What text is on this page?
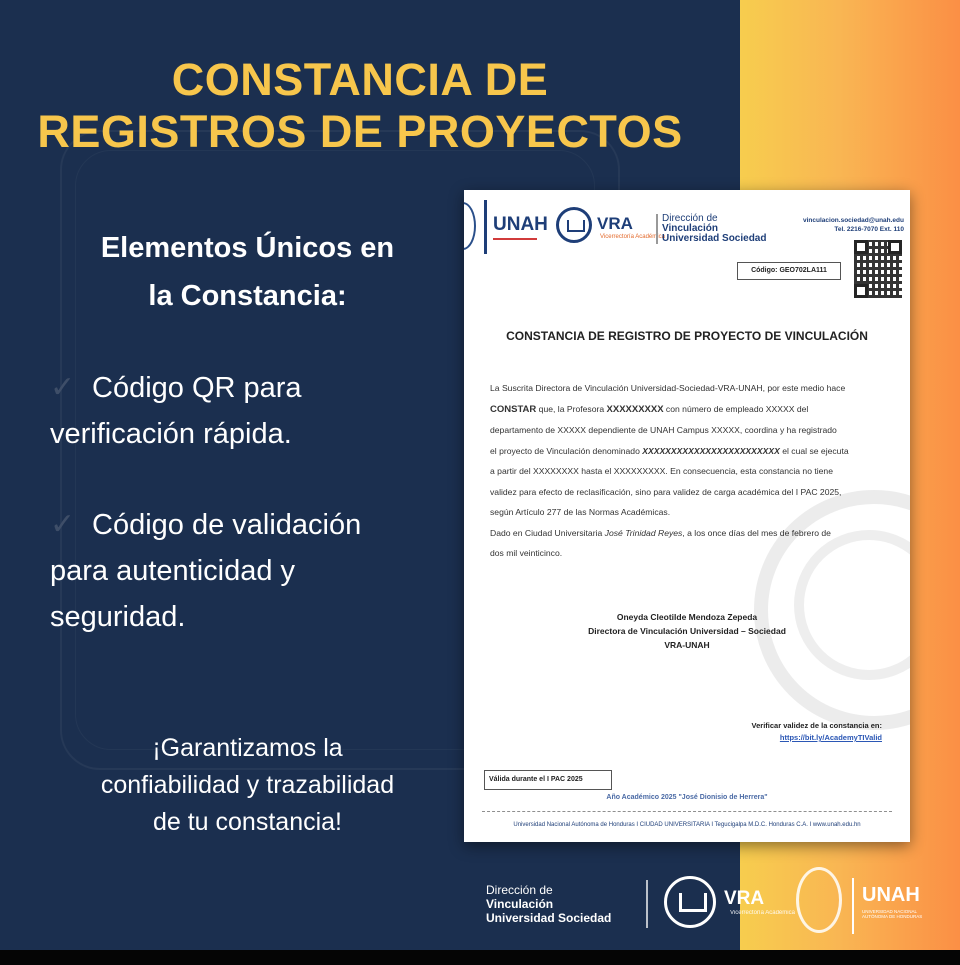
CONSTANCIA DE
REGISTROS DE PROYECTOS
Elementos Únicos en
la Constancia:
✓ Código QR para
verificación rápida.
✓ Código de validación
para autenticidad y
seguridad.
¡Garantizamos la
confiabilidad y trazabilidad
de tu constancia!
UNAH	VRA
Vicerrectoría Académica
Dirección de
Vinculación
Universidad Sociedad
vinculacion.sociedad@unah.edu
Tel. 2216-7070 Ext. 110
Código: GEO702LA111
CONSTANCIA DE REGISTRO DE PROYECTO DE VINCULACIÓN
La Suscrita Directora de Vinculación Universidad-Sociedad-VRA-UNAH, por este medio hace
CONSTAR que, la Profesora XXXXXXXXX con número de empleado XXXXX del
departamento de XXXXX dependiente de UNAH Campus XXXXX, coordina y ha registrado
el proyecto de Vinculación denominado XXXXXXXXXXXXXXXXXXXXXXXX el cual se ejecuta
a partir del XXXXXXXX hasta el XXXXXXXXX. En consecuencia, esta constancia no tiene
validez para efecto de reclasificación, sino para validez de carga académica del I PAC 2025,
según Artículo 277 de las Normas Académicas.
Dado en Ciudad Universitaria José Trinidad Reyes, a los once días del mes de febrero de
dos mil veinticinco.
Oneyda Cleotilde Mendoza Zepeda
Directora de Vinculación Universidad – Sociedad
VRA-UNAH
Verificar validez de la constancia en:
https://bit.ly/AcademyTIValid
Válida durante el I PAC 2025
Año Académico 2025 "José Dionisio de Herrera"
Universidad Nacional Autónoma de Honduras I CIUDAD UNIVERSITARIA I Tegucigalpa M.D.C. Honduras C.A. I www.unah.edu.hn
Dirección de
Vinculación
Universidad Sociedad
VRA
Vicerrectoría Académica
UNAH
UNIVERSIDAD NACIONAL AUTÓNOMA DE HONDURAS
